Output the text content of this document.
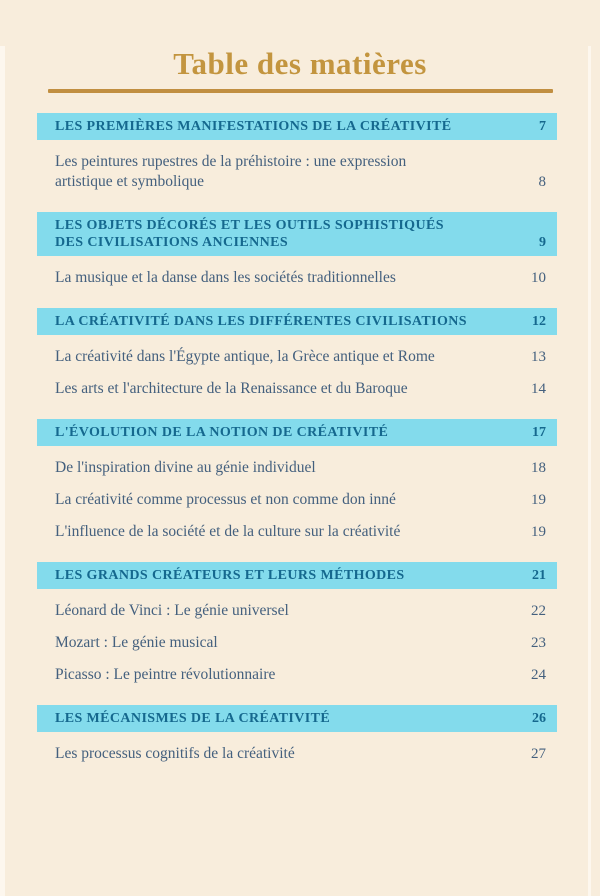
Table des matières
LES PREMIÈRES MANIFESTATIONS DE LA CRÉATIVITÉ	7
Les peintures rupestres de la préhistoire : une expression
artistique et symbolique	8
LES OBJETS DÉCORÉS ET LES OUTILS SOPHISTIQUÉS
DES CIVILISATIONS ANCIENNES	9
La musique et la danse dans les sociétés traditionnelles	10
LA CRÉATIVITÉ DANS LES DIFFÉRENTES CIVILISATIONS	12
La créativité dans l'Égypte antique, la Grèce antique et Rome	13
Les arts et l'architecture de la Renaissance et du Baroque	14
L'ÉVOLUTION DE LA NOTION DE CRÉATIVITÉ	17
De l'inspiration divine au génie individuel	18
La créativité comme processus et non comme don inné	19
L'influence de la société et de la culture sur la créativité	19
LES GRANDS CRÉATEURS ET LEURS MÉTHODES	21
Léonard de Vinci : Le génie universel	22
Mozart : Le génie musical	23
Picasso : Le peintre révolutionnaire	24
LES MÉCANISMES DE LA CRÉATIVITÉ	26
Les processus cognitifs de la créativité	27
